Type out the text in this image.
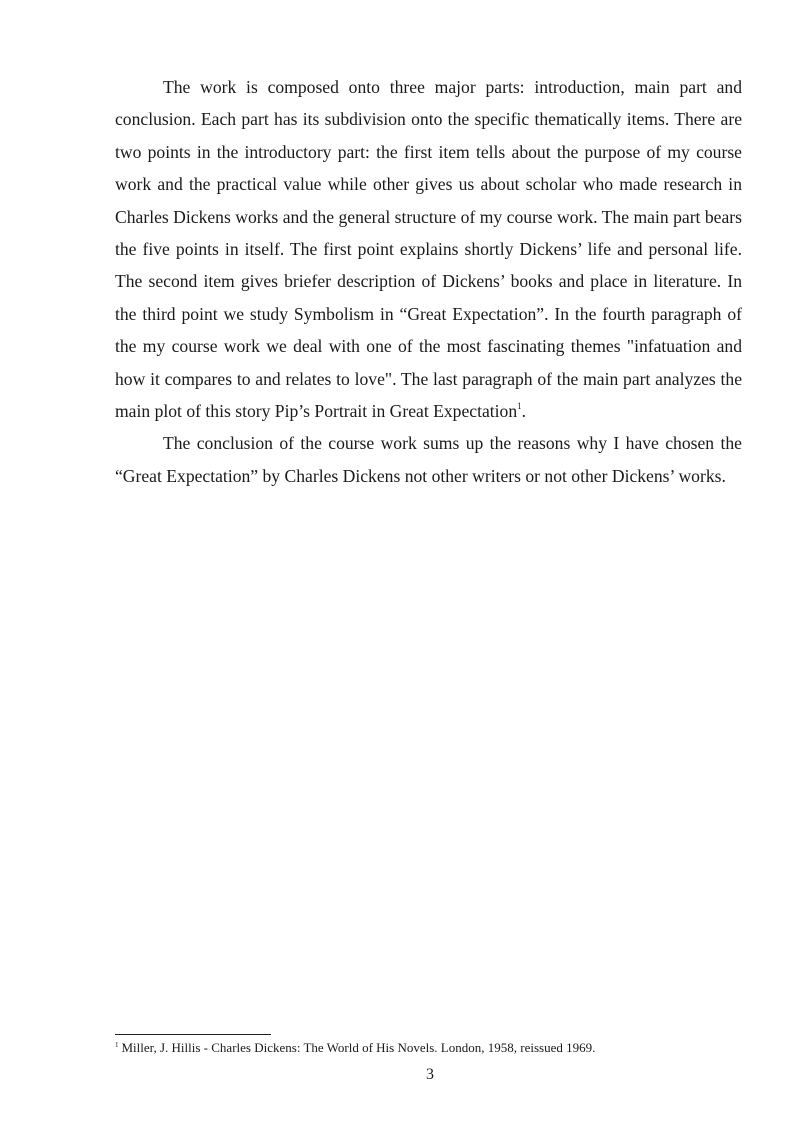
The work is composed onto three major parts: introduction, main part and conclusion. Each part has its subdivision onto the specific thematically items. There are two points in the introductory part: the first item tells about the purpose of my course work and the practical value while other gives us about scholar who made research in Charles Dickens works and the general structure of my course work. The main part bears the five points in itself. The first point explains shortly Dickens’ life and personal life. The second item gives briefer description of Dickens’ books and place in literature. In the third point we study Symbolism in “Great Expectation”. In the fourth paragraph of the my course work we deal with one of the most fascinating themes "infatuation and how it compares to and relates to love". The last paragraph of the main part analyzes the main plot of this story Pip’s Portrait in Great Expectation$^1$.

The conclusion of the course work sums up the reasons why I have chosen the “Great Expectation” by Charles Dickens not other writers or not other Dickens’ works.

$^1$ Miller, J. Hillis - Charles Dickens: The World of His Novels. London, 1958, reissued 1969.
3
